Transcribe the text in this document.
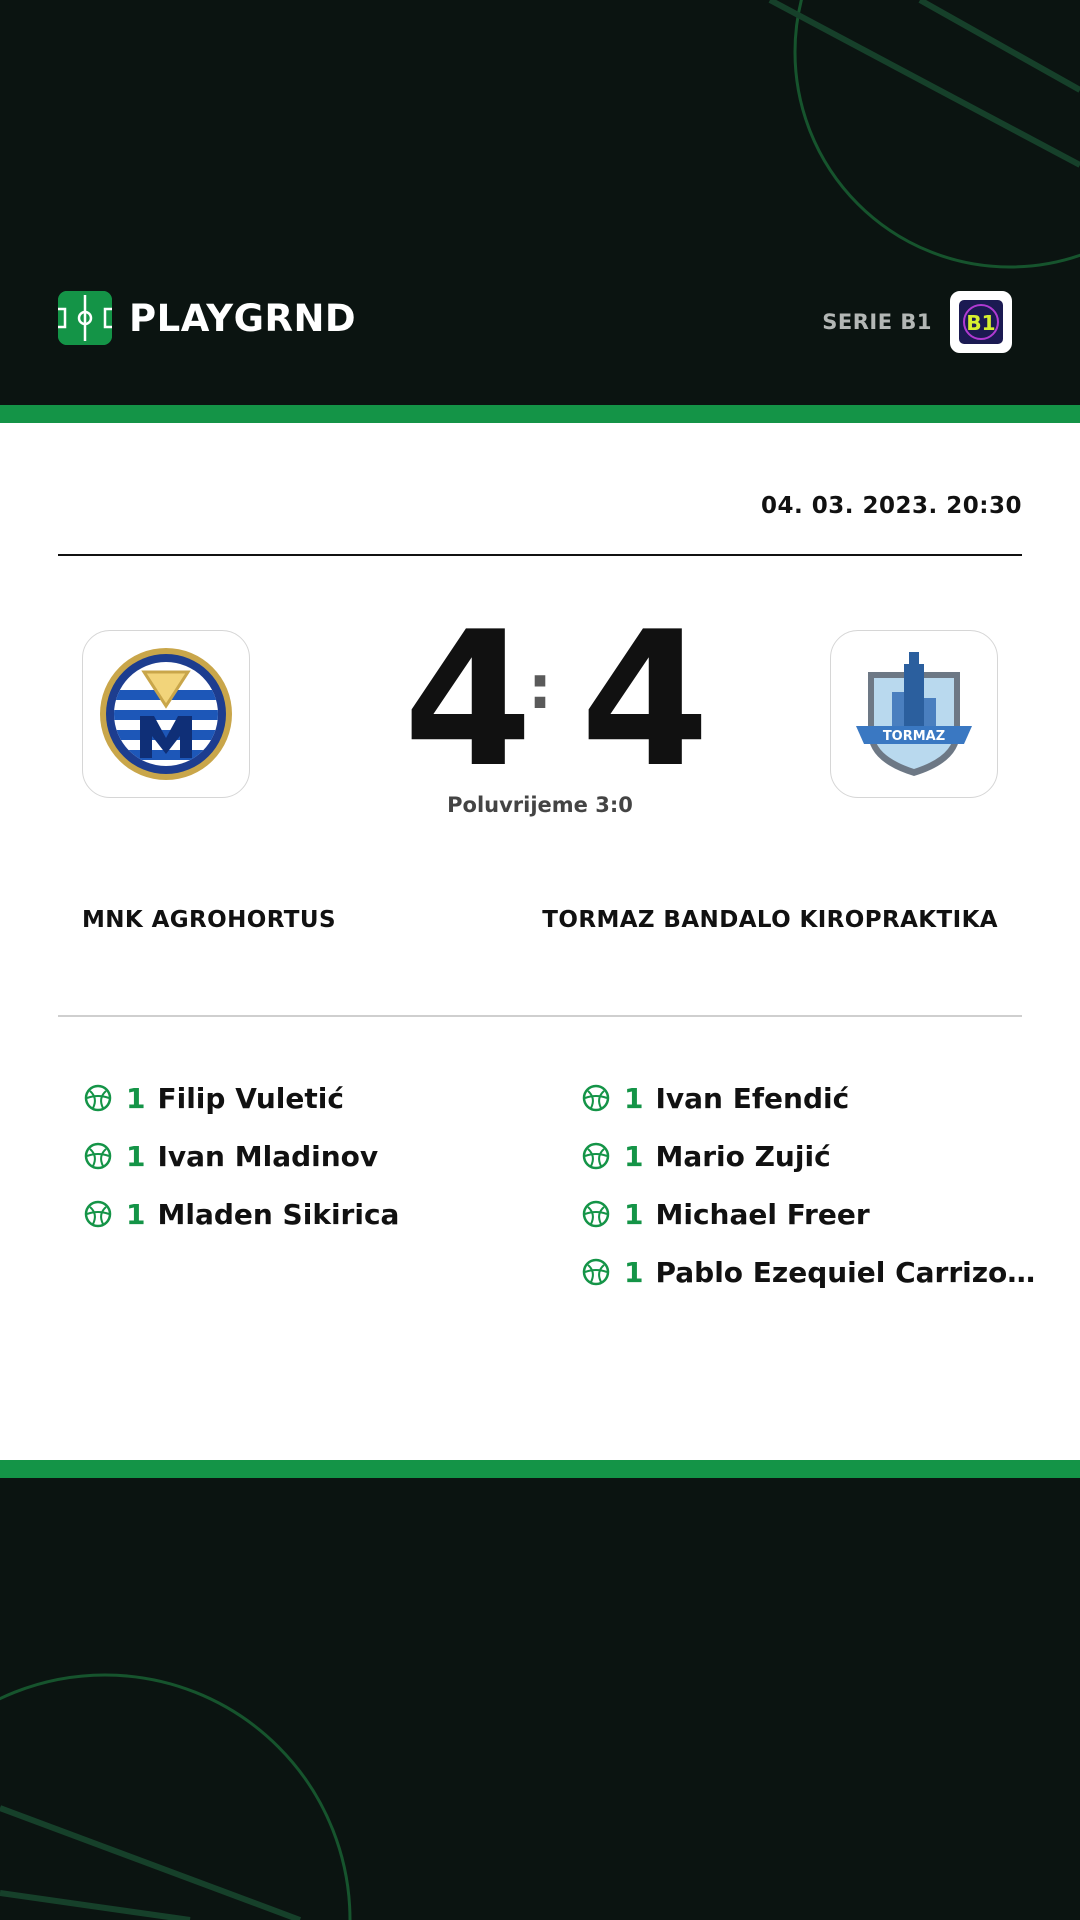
PLAYGRND	SERIE B1 B1
04. 03. 2023. 20:30
4
: 4
Poluvrijeme 3:0
TORMAZ
MNK AGROHORTUS	TORMAZ BANDALO KIROPRAKTIKA
1 Filip Vuletić
1 Ivan Mladinov
1 Mladen Sikirica
1 Ivan Efendić
1 Mario Zujić
1 Michael Freer
1 Pablo Ezequiel Carrizo…
